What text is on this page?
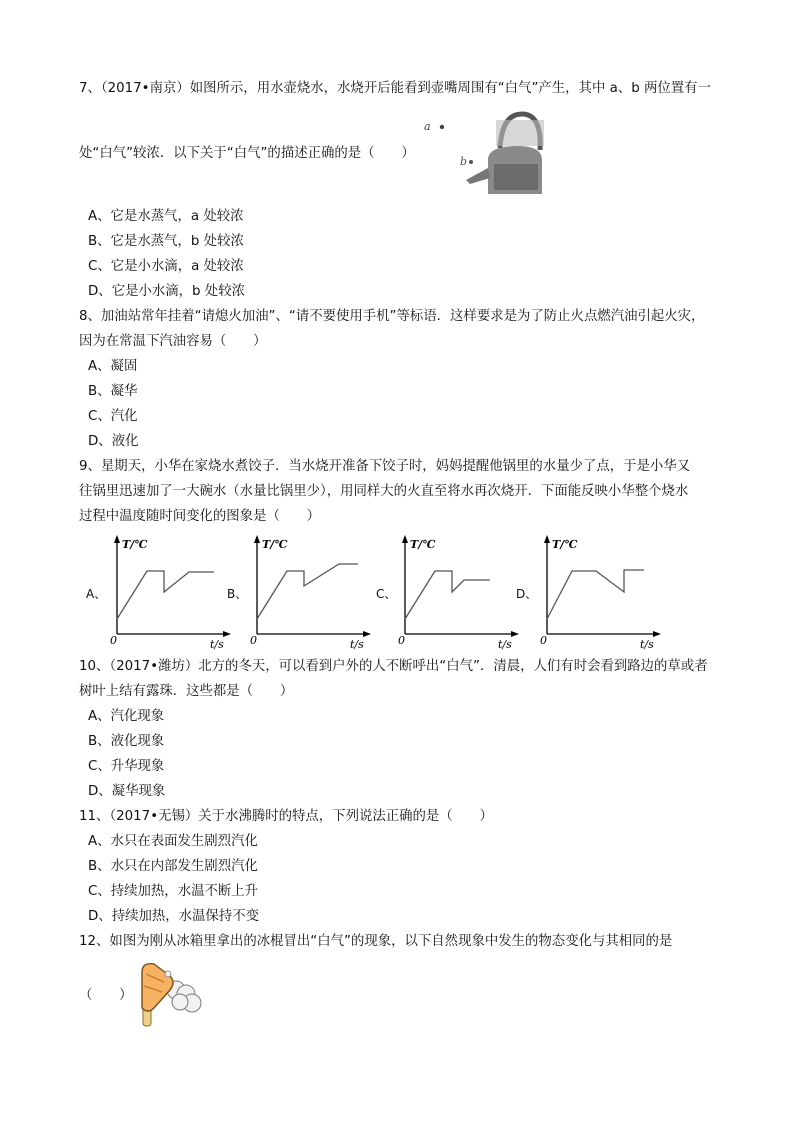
7、（2017•南京）如图所示，用水壶烧水，水烧开后能看到壶嘴周围有“白气”产生，其中 a、b 两位置有一
处“白气”较浓．以下关于“白气”的描述正确的是（　　）
a
b
A、它是水蒸气，a 处较浓
B、它是水蒸气，b 处较浓
C、它是小水滴，a 处较浓
D、它是小水滴，b 处较浓
8、加油站常年挂着“请熄火加油”、“请不要使用手机”等标语．这样要求是为了防止火点燃汽油引起火灾，
因为在常温下汽油容易（　　）
A、凝固
B、凝华
C、汽化
D、液化
9、星期天，小华在家烧水煮饺子．当水烧开准备下饺子时，妈妈提醒他锅里的水量少了点，于是小华又
往锅里迅速加了一大碗水（水量比锅里少），用同样大的火直至将水再次烧开．下面能反映小华整个烧水
过程中温度随时间变化的图象是（　　）
A、
T/℃
0	t/s
B、
T/℃
0	t/s
C、
T/℃
0	t/s
D、
T/℃
0	t/s
10、（2017•潍坊）北方的冬天，可以看到户外的人不断呼出“白气”．清晨，人们有时会看到路边的草或者
树叶上结有露珠．这些都是（　　）
A、汽化现象
B、液化现象
C、升华现象
D、凝华现象
11、（2017•无锡）关于水沸腾时的特点，下列说法正确的是（　　）
A、水只在表面发生剧烈汽化
B、水只在内部发生剧烈汽化
C、持续加热，水温不断上升
D、持续加热，水温保持不变
12、如图为刚从冰箱里拿出的冰棍冒出“白气”的现象，以下自然现象中发生的物态变化与其相同的是
（　　）
